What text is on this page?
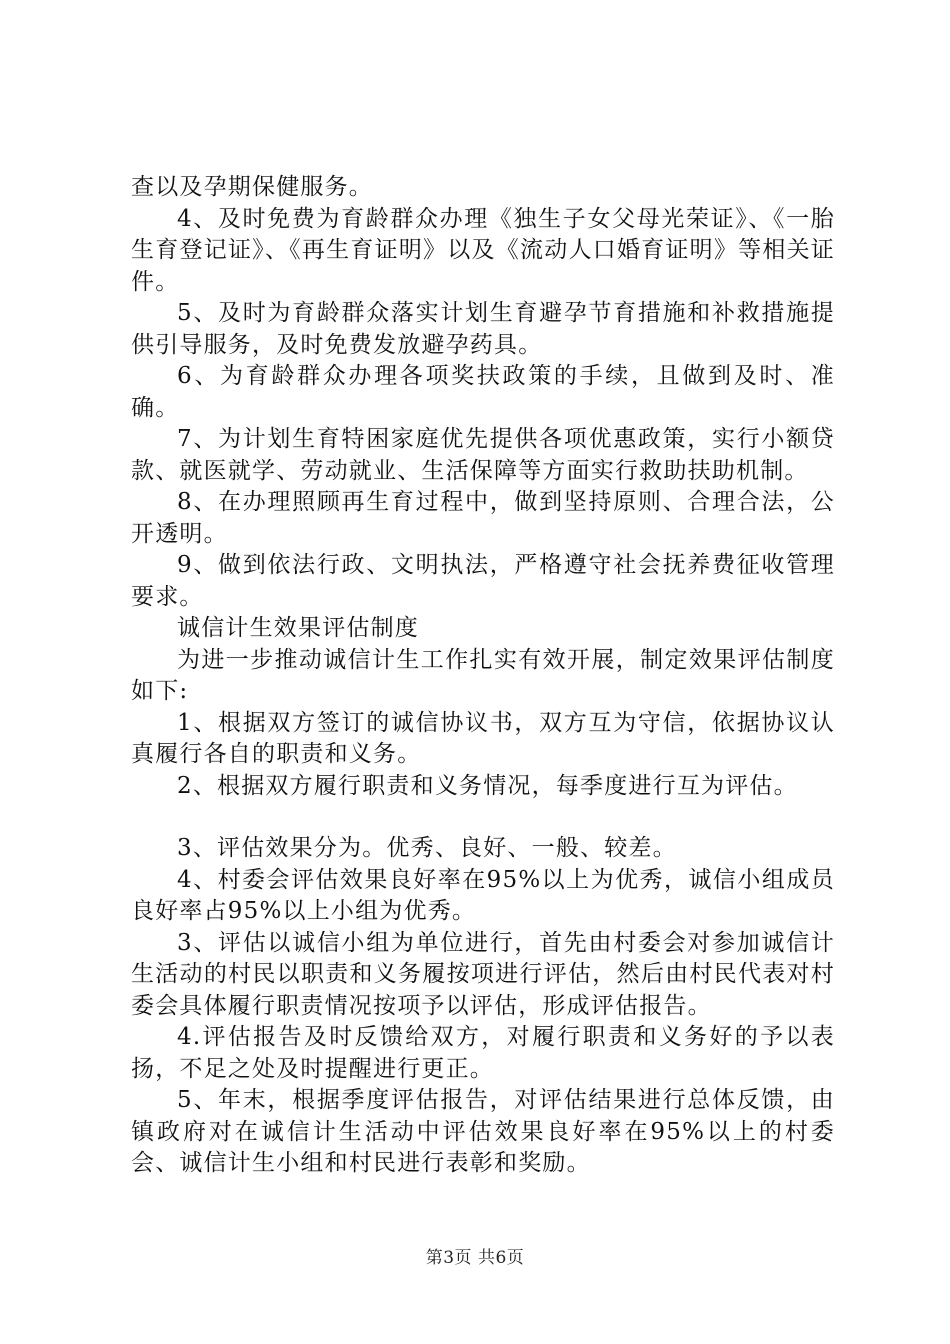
查以及孕期保健服务。

4、及时免费为育龄群众办理《独生子女父母光荣证》、《一胎生育登记证》、《再生育证明》以及《流动人口婚育证明》等相关证件。

5、及时为育龄群众落实计划生育避孕节育措施和补救措施提供引导服务，及时免费发放避孕药具。

6、为育龄群众办理各项奖扶政策的手续，且做到及时、准确。

7、为计划生育特困家庭优先提供各项优惠政策，实行小额贷款、就医就学、劳动就业、生活保障等方面实行救助扶助机制。

8、在办理照顾再生育过程中，做到坚持原则、合理合法，公开透明。

9、做到依法行政、文明执法，严格遵守社会抚养费征收管理要求。

诚信计生效果评估制度

为进一步推动诚信计生工作扎实有效开展，制定效果评估制度如下:

1、根据双方签订的诚信协议书，双方互为守信，依据协议认真履行各自的职责和义务。

2、根据双方履行职责和义务情况，每季度进行互为评估。

3、评估效果分为。优秀、良好、一般、较差。

4、村委会评估效果良好率在95%以上为优秀，诚信小组成员良好率占95%以上小组为优秀。

3、评估以诚信小组为单位进行，首先由村委会对参加诚信计生活动的村民以职责和义务履按项进行评估，然后由村民代表对村委会具体履行职责情况按项予以评估，形成评估报告。

4.评估报告及时反馈给双方，对履行职责和义务好的予以表扬，不足之处及时提醒进行更正。

5、年末，根据季度评估报告，对评估结果进行总体反馈，由镇政府对在诚信计生活动中评估效果良好率在95%以上的村委会、诚信计生小组和村民进行表彰和奖励。

第3页 共6页
